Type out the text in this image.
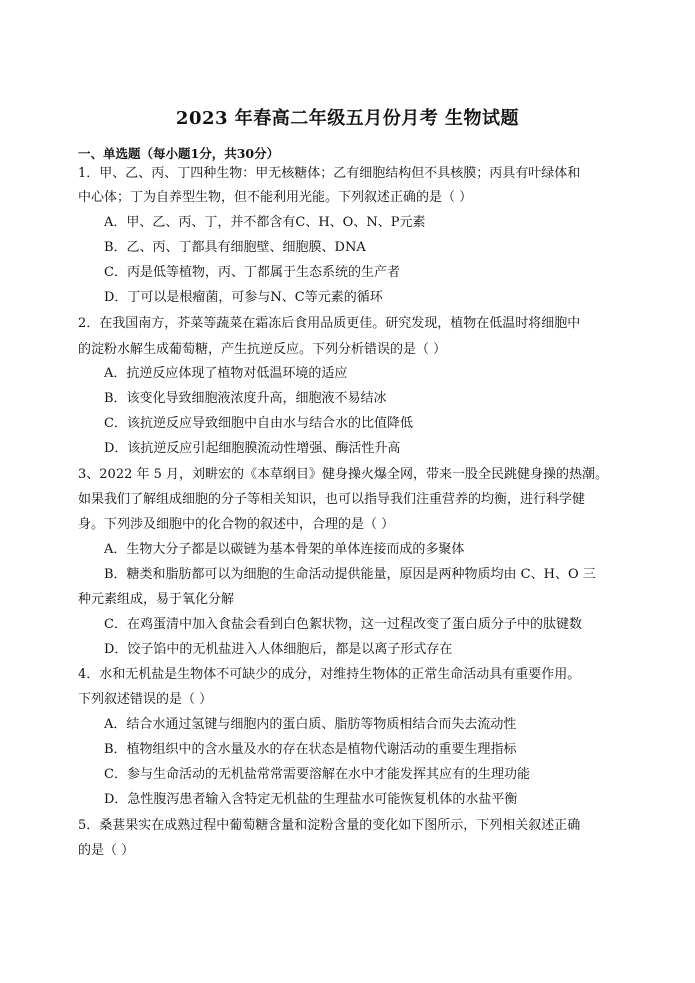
2023 年春高二年级五月份月考 生物试题
一、单选题（每小题1分，共30分）
1．甲、乙、丙、丁四种生物：甲无核糖体；乙有细胞结构但不具核膜；丙具有叶绿体和
中心体；丁为自养型生物，但不能利用光能。下列叙述正确的是（ ）
A．甲、乙、丙、丁，并不都含有C、H、O、N、P元素
B．乙、丙、丁都具有细胞壁、细胞膜、DNA
C．丙是低等植物，丙、丁都属于生态系统的生产者
D．丁可以是根瘤菌，可参与N、C等元素的循环
2．在我国南方，芥菜等蔬菜在霜冻后食用品质更佳。研究发现，植物在低温时将细胞中
的淀粉水解生成葡萄糖，产生抗逆反应。下列分析错误的是（ ）
A．抗逆反应体现了植物对低温环境的适应
B．该变化导致细胞液浓度升高，细胞液不易结冰
C．该抗逆反应导致细胞中自由水与结合水的比值降低
D．该抗逆反应引起细胞膜流动性增强、酶活性升高
3、2022 年 5 月，刘畊宏的《本草纲目》健身操火爆全网，带来一股全民跳健身操的热潮。
如果我们了解组成细胞的分子等相关知识，也可以指导我们注重营养的均衡，进行科学健
身。下列涉及细胞中的化合物的叙述中，合理的是（ ）
A．生物大分子都是以碳链为基本骨架的单体连接而成的多聚体
B．糖类和脂肪都可以为细胞的生命活动提供能量，原因是两种物质均由 C、H、O 三
种元素组成，易于氧化分解
C．在鸡蛋清中加入食盐会看到白色絮状物，这一过程改变了蛋白质分子中的肽键数
D．饺子馅中的无机盐进入人体细胞后，都是以离子形式存在
4．水和无机盐是生物体不可缺少的成分，对维持生物体的正常生命活动具有重要作用。
下列叙述错误的是（ ）
A．结合水通过氢键与细胞内的蛋白质、脂肪等物质相结合而失去流动性
B．植物组织中的含水量及水的存在状态是植物代谢活动的重要生理指标
C．参与生命活动的无机盐常常需要溶解在水中才能发挥其应有的生理功能
D．急性腹泻患者输入含特定无机盐的生理盐水可能恢复机体的水盐平衡
5．桑葚果实在成熟过程中葡萄糖含量和淀粉含量的变化如下图所示，下列相关叙述正确
的是（ ）
